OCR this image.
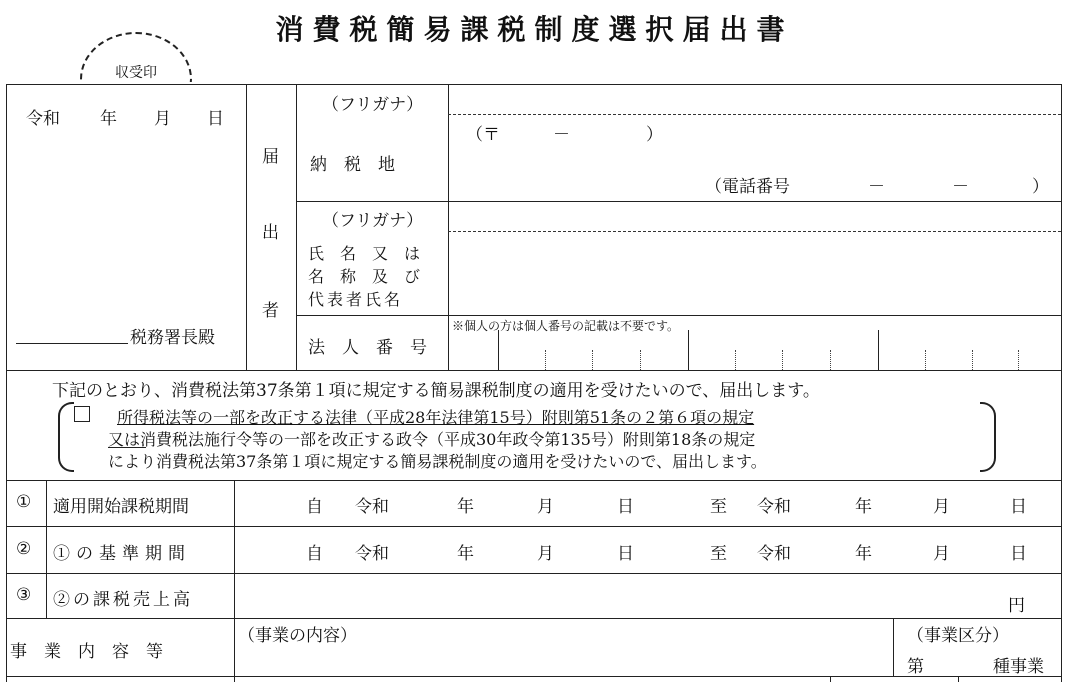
消費税簡易課税制度選択届出書
収受印
令和 年 月 日
税務署長殿
届
出
者
（フリガナ）
納　税　地
（〒	－	）
（電話番号	－	－	）
（フリガナ）
氏　名　又　は
名　称　及　び
代表者氏名
法　人　番　号
※個人の方は個人番号の記載は不要です。
下記のとおり、消費税法第37条第１項に規定する簡易課税制度の適用を受けたいので、届出します。
所得税法等の一部を改正する法律（平成28年法律第15号）附則第51条の２第６項の規定
又は消費税法施行令等の一部を改正する政令（平成30年政令第135号）附則第18条の規定
により消費税法第37条第１項に規定する簡易課税制度の適用を受けたいので、届出します。
① 適用開始課税期間	自 令和	年	月	日	至 令和	年	月	日
② ①の基準期間	自 令和	年	月	日	至 令和	年	月	日
③ ②の課税売上高	円
事　業　内　容　等
（事業の内容）	（事業区分）
第	種事業
